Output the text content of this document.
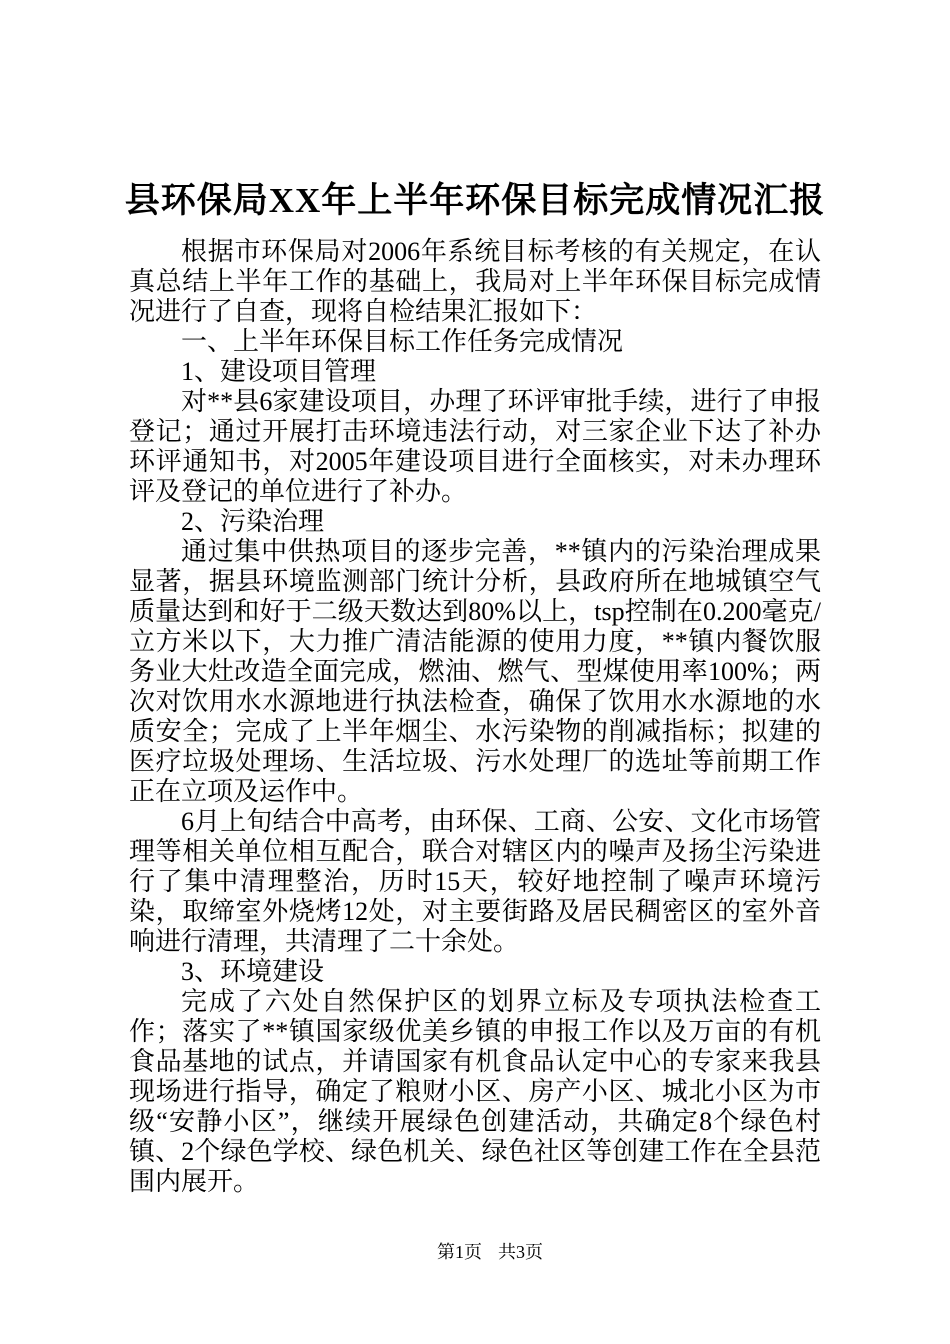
县环保局XX年上半年环保目标完成情况汇报

根据市环保局对2006年系统目标考核的有关规定，在认真总结上半年工作的基础上，我局对上半年环保目标完成情况进行了自查，现将自检结果汇报如下：

一、上半年环保目标工作任务完成情况

1、建设项目管理

对**县6家建设项目，办理了环评审批手续，进行了申报登记；通过开展打击环境违法行动，对三家企业下达了补办环评通知书，对2005年建设项目进行全面核实，对未办理环评及登记的单位进行了补办。

2、污染治理

通过集中供热项目的逐步完善，**镇内的污染治理成果显著，据县环境监测部门统计分析，县政府所在地城镇空气质量达到和好于二级天数达到80%以上，tsp控制在0.200毫克/立方米以下，大力推广清洁能源的使用力度，**镇内餐饮服务业大灶改造全面完成，燃油、燃气、型煤使用率100%；两次对饮用水水源地进行执法检查，确保了饮用水水源地的水质安全；完成了上半年烟尘、水污染物的削减指标；拟建的医疗垃圾处理场、生活垃圾、污水处理厂的选址等前期工作正在立项及运作中。

6月上旬结合中高考，由环保、工商、公安、文化市场管理等相关单位相互配合，联合对辖区内的噪声及扬尘污染进行了集中清理整治，历时15天，较好地控制了噪声环境污染，取缔室外烧烤12处，对主要街路及居民稠密区的室外音响进行清理，共清理了二十余处。

3、环境建设

完成了六处自然保护区的划界立标及专项执法检查工作；落实了**镇国家级优美乡镇的申报工作以及万亩的有机食品基地的试点，并请国家有机食品认定中心的专家来我县现场进行指导，确定了粮财小区、房产小区、城北小区为市级“安静小区”，继续开展绿色创建活动，共确定8个绿色村镇、2个绿色学校、绿色机关、绿色社区等创建工作在全县范围内展开。

第1页 共3页
